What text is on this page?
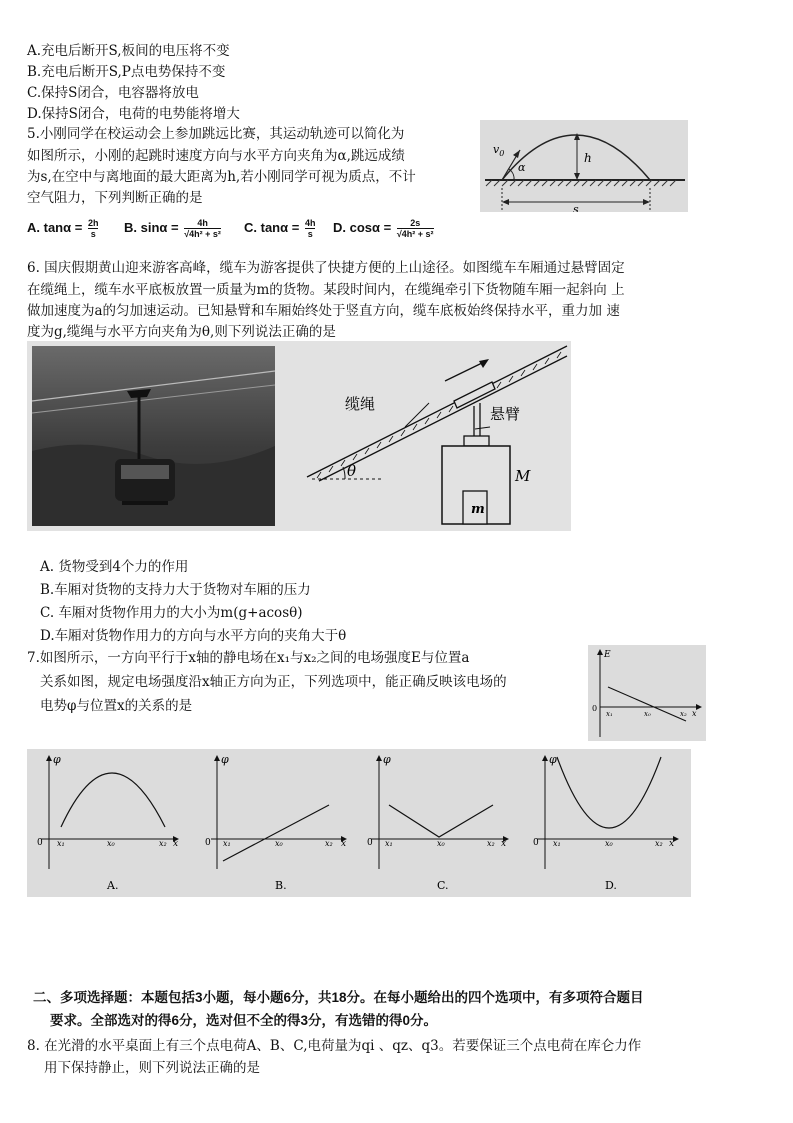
A.充电后断开S,板间的电压将不变
B.充电后断开S,P点电势保持不变
C.保持S闭合，电容器将放电
D.保持S闭合，电荷的电势能将增大
5.小刚同学在校运动会上参加跳远比赛，其运动轨迹可以简化为
如图所示，小刚的起跳时速度方向与水平方向夹角为α,跳远成绩
为s,在空中与离地面的最大距离为h,若小刚同学可视为质点，不计
空气阻力，下列判断正确的是
$v_0$
α
h
s
A. $\tan\alpha = \frac{2h}{s} B$. $\sin\alpha = \frac{4h}{\text{√4h² + s²}} C$. $\tan\alpha = \frac{4h}{s} D$. $\cos\alpha = \frac{2s}{\text{√4h² + s²}}$
6. 国庆假期黄山迎来游客高峰，缆车为游客提供了快捷方便的上山途径。如图缆车车厢通过悬臂固定
在缆绳上，缆车水平底板放置一质量为m的货物。某段时间内，在缆绳牵引下货物随车厢一起斜向 上
做加速度为a的匀加速运动。已知悬臂和车厢始终处于竖直方向，缆车底板始终保持水平，重力加 速
度为g,缆绳与水平方向夹角为θ,则下列说法正确的是
θ
m
M
缆绳
悬臂
A. 货物受到4个力的作用
B.车厢对货物的支持力大于货物对车厢的压力
C. 车厢对货物作用力的大小为m(g+acosθ)
D.车厢对货物作用力的方向与水平方向的夹角大于θ
7.如图所示，一方向平行于x轴的静电场在x₁与x₂之间的电场强度E与位置a
关系如图，规定电场强度沿x轴正方向为正，下列选项中，能正确反映该电场的
电势φ与位置x的关系的是
E
0
x₁	x₀	x₂ x
φ
0 x₁	x₀	x₂ x
A.
φ
0 x₁	x₀	x₂ x
B.
φ
0 x₁	x₀	x₂ x
C.
φ
0 x₁	x₀	x₂ x
D.
二、多项选择题：本题包括3小题，每小题6分，共18分。在每小题给出的四个选项中，有多项符合题目
要求。全部选对的得6分，选对但不全的得3分，有选错的得0分。
8. 在光滑的水平桌面上有三个点电荷A、B、C,电荷量为qi 、qz、q3。若要保证三个点电荷在库仑力作
用下保持静止，则下列说法正确的是
